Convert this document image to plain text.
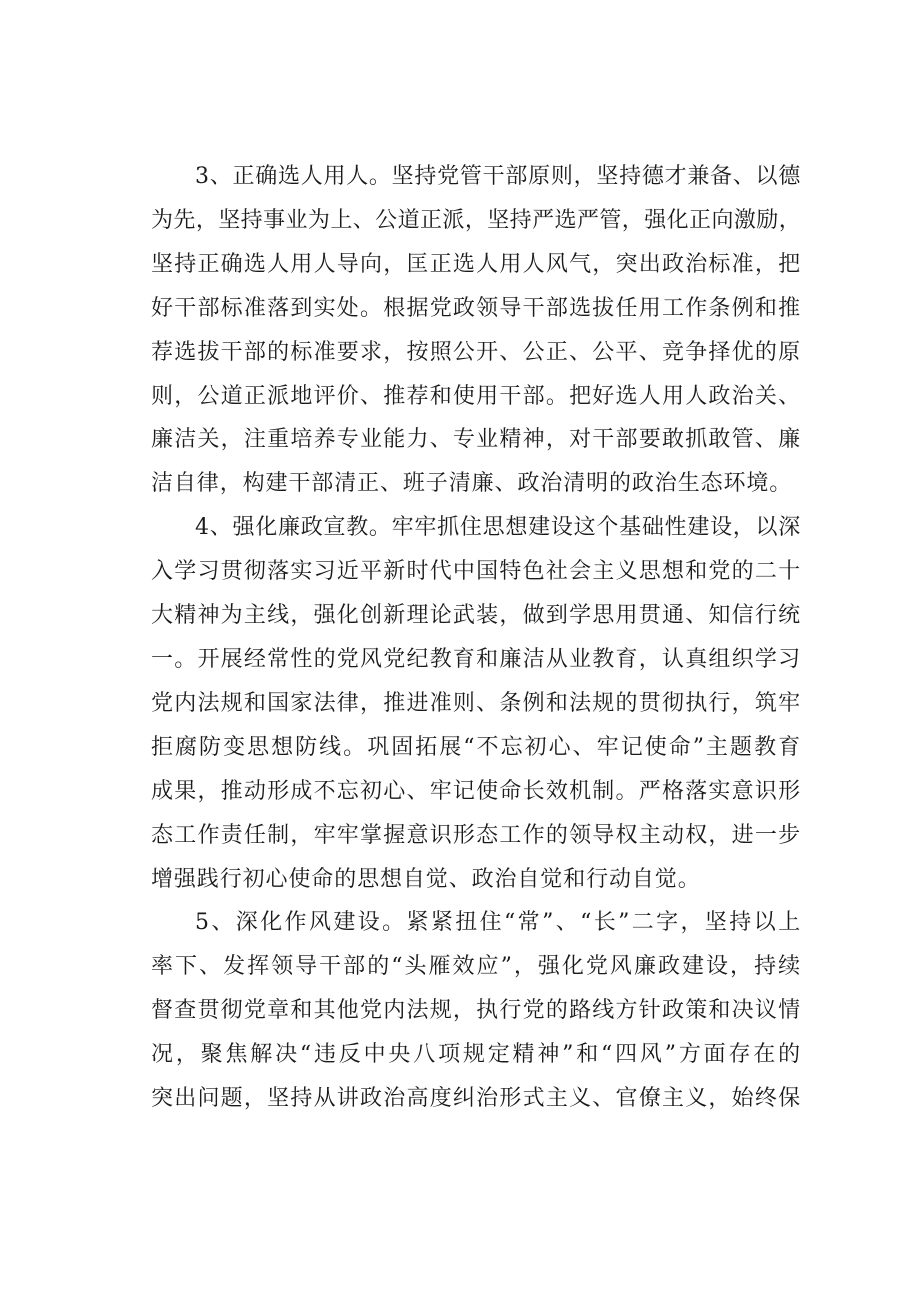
3、正确选人用人。坚持党管干部原则，坚持德才兼备、以德
为先，坚持事业为上、公道正派，坚持严选严管，强化正向激励，
坚持正确选人用人导向，匡正选人用人风气，突出政治标准，把
好干部标准落到实处。根据党政领导干部选拔任用工作条例和推
荐选拔干部的标准要求，按照公开、公正、公平、竞争择优的原
则，公道正派地评价、推荐和使用干部。把好选人用人政治关、
廉洁关，注重培养专业能力、专业精神，对干部要敢抓敢管、廉
洁自律，构建干部清正、班子清廉、政治清明的政治生态环境。
4、强化廉政宣教。牢牢抓住思想建设这个基础性建设，以深
入学习贯彻落实习近平新时代中国特色社会主义思想和党的二十
大精神为主线，强化创新理论武装，做到学思用贯通、知信行统
一。开展经常性的党风党纪教育和廉洁从业教育，认真组织学习
党内法规和国家法律，推进准则、条例和法规的贯彻执行，筑牢
拒腐防变思想防线。巩固拓展“不忘初心、牢记使命”主题教育
成果，推动形成不忘初心、牢记使命长效机制。严格落实意识形
态工作责任制，牢牢掌握意识形态工作的领导权主动权，进一步
增强践行初心使命的思想自觉、政治自觉和行动自觉。
5、深化作风建设。紧紧扭住“常”、“长”二字，坚持以上
率下、发挥领导干部的“头雁效应”，强化党风廉政建设，持续
督查贯彻党章和其他党内法规，执行党的路线方针政策和决议情
况，聚焦解决“违反中央八项规定精神”和“四风”方面存在的
突出问题，坚持从讲政治高度纠治形式主义、官僚主义，始终保
